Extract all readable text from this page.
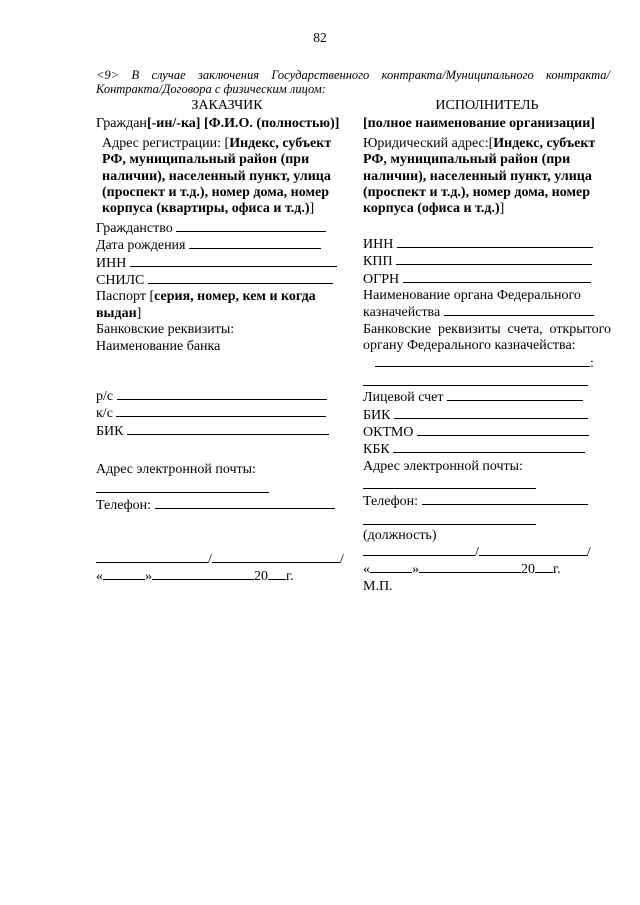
82
<9> В случае заключения Государственного контракта/Муниципального контракта/ Контракта/Договора с физическим лицом:
ЗАКАЗЧИК
Граждан[-ин/-ка] [Ф.И.О. (полностью)]
Адрес регистрации: [Индекс, субъект РФ, муниципальный район (при наличии), населенный пункт, улица (проспект и т.д.), номер дома, номер корпуса (квартиры, офиса и т.д.)]
Гражданство
Дата рождения
ИНН
СНИЛС
Паспорт [серия, номер, кем и когда выдан]
Банковские реквизиты:
Наименование банка
р/с
к/с
БИК
Адрес электронной почты:
Телефон:
/	/
«	»	20 г.
ИСПОЛНИТЕЛЬ
[полное наименование организации]
Юридический адрес:[Индекс, субъект РФ, муниципальный район (при наличии), населенный пункт, улица (проспект и т.д.), номер дома, номер корпуса (офиса и т.д.)]
ИНН
КПП
ОГРН
Наименование органа Федерального казначейства
Банковские реквизиты счета, открытого органу Федерального казначейства:
:
Лицевой счет
БИК
ОКТМО
КБК
Адрес электронной почты:
Телефон:
(должность)
/	/
«	»	20 г.
М.П.
